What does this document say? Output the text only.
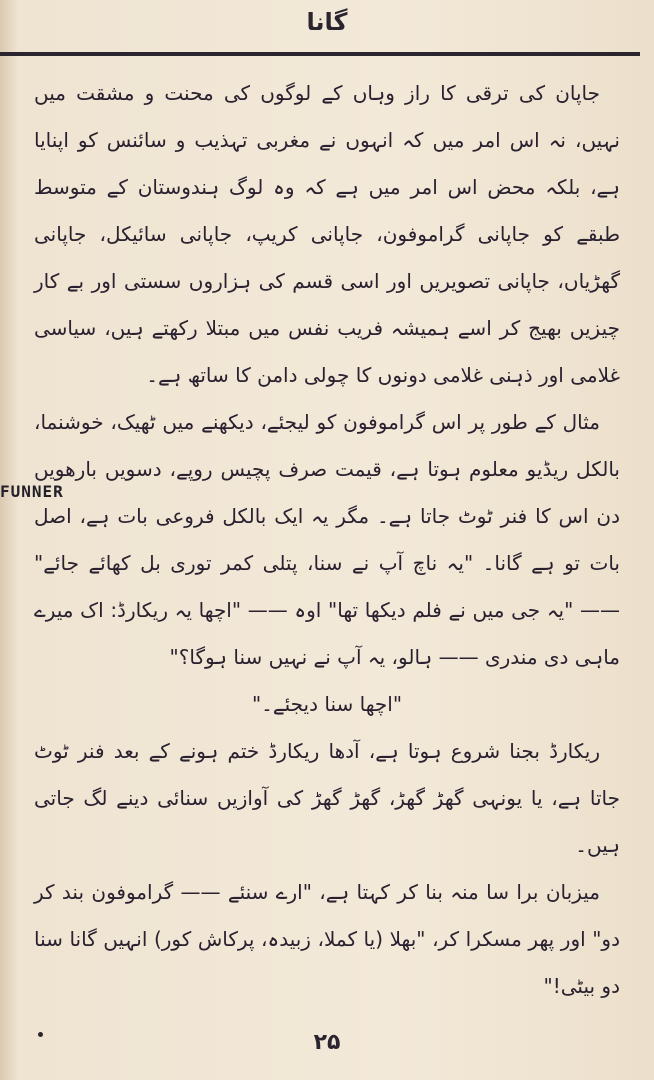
گانا

جاپان کی ترقی کا راز وہاں کے لوگوں کی محنت و مشقت میں نہیں، نہ اس امر میں کہ انہوں نے مغربی تہذیب و سائنس کو اپنایا ہے، بلکہ محض اس امر میں ہے کہ وہ لوگ ہندوستان کے متوسط طبقے کو جاپانی گراموفون، جاپانی کریپ، جاپانی سائیکل، جاپانی گھڑیاں، جاپانی تصویریں اور اسی قسم کی ہزاروں سستی اور بے کار چیزیں بھیج کر اسے ہمیشہ فریب نفس میں مبتلا رکھتے ہیں، سیاسی غلامی اور ذہنی غلامی دونوں کا چولی دامن کا ساتھ ہے۔

مثال کے طور پر اس گراموفون کو لیجئے، دیکھنے میں ٹھیک، خوشنما، بالکل ریڈیو معلوم ہوتا ہے، قیمت صرف پچیس روپے، دسویں بارھویں دن اس کا فنر ٹوٹ جاتا ہے۔ مگر یہ ایک بالکل فروعی بات ہے، اصل بات تو ہے گانا۔ "یہ ناچ آپ نے سنا، پتلی کمر توری بل کھائے جائے" —— "یہ جی میں نے فلم دیکھا تھا" اوہ —— "اچھا یہ ریکارڈ: اک میرے ماہی دی مندری —— ہالو، یہ آپ نے نہیں سنا ہوگا؟"

"اچھا سنا دیجئے۔"

ریکارڈ بجنا شروع ہوتا ہے، آدھا ریکارڈ ختم ہونے کے بعد فنر ٹوٹ جاتا ہے، یا یونہی گھڑ گھڑ، گھڑ گھڑ کی آوازیں سنائی دینے لگ جاتی ہیں۔

میزبان برا سا منہ بنا کر کہتا ہے، "ارے سنئے —— گراموفون بند کر دو" اور پھر مسکرا کر، "بھلا (یا کملا، زبیدہ، پرکاش کور) انہیں گانا سنا دو بیٹی!"

FUNNER
۲۵
